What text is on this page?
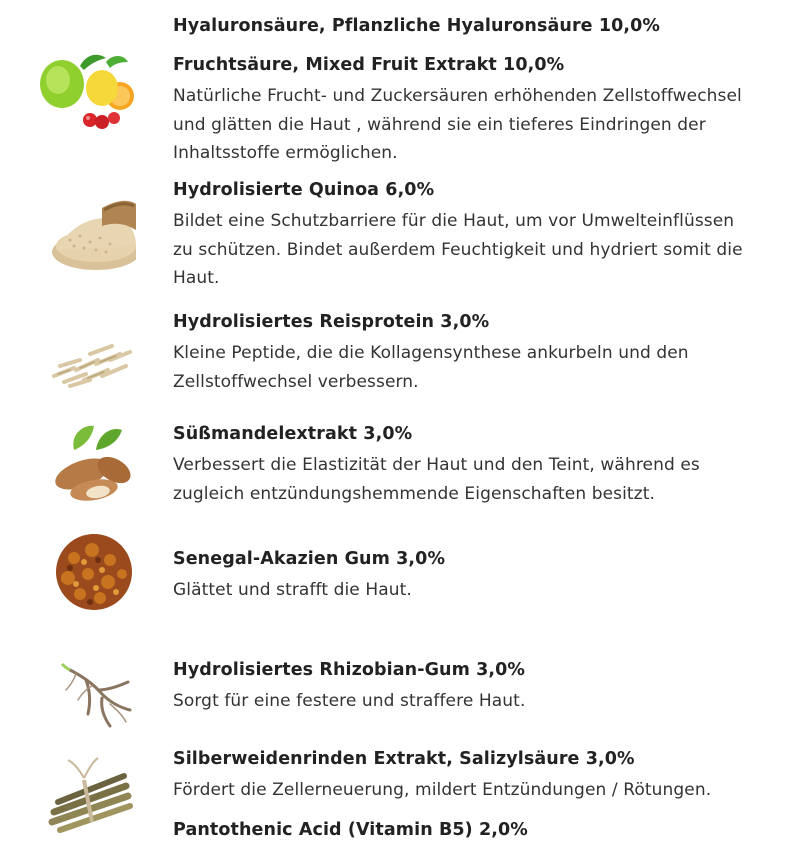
Hyaluronsäure, Pflanzliche Hyaluronsäure 10,0%
Fruchtsäure, Mixed Fruit Extrakt 10,0%
Natürliche Frucht- und Zuckersäuren erhöhenden Zellstoffwechsel
und glätten die Haut , während sie ein tieferes Eindringen der
Inhaltsstoffe ermöglichen.
Hydrolisierte Quinoa 6,0%
Bildet eine Schutzbarriere für die Haut, um vor Umwelteinflüssen
zu schützen. Bindet außerdem Feuchtigkeit und hydriert somit die
Haut.
Hydrolisiertes Reisprotein 3,0%
Kleine Peptide, die die Kollagensynthese ankurbeln und den
Zellstoffwechsel verbessern.
Süßmandelextrakt 3,0%
Verbessert die Elastizität der Haut und den Teint, während es
zugleich entzündungshemmende Eigenschaften besitzt.
Senegal-Akazien Gum 3,0%
Glättet und strafft die Haut.
Hydrolisiertes Rhizobian-Gum 3,0%
Sorgt für eine festere und straffere Haut.
Silberweidenrinden Extrakt, Salizylsäure 3,0%
Fördert die Zellerneuerung, mildert Entzündungen / Rötungen.
Pantothenic Acid (Vitamin B5) 2,0%
